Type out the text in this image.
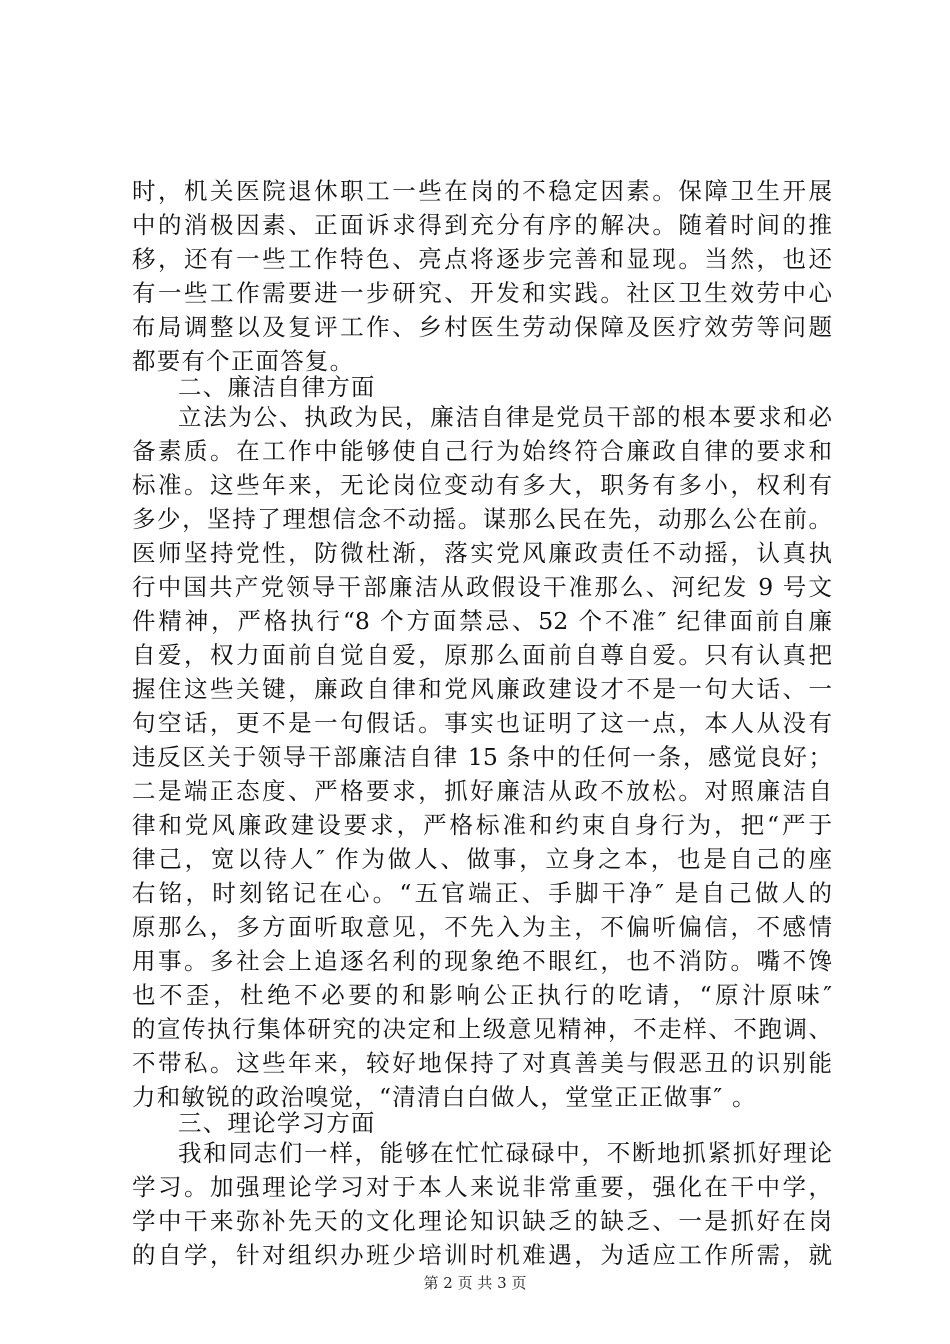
时，机关医院退休职工一些在岗的不稳定因素。保障卫生开展
中的消极因素、正面诉求得到充分有序的解决。随着时间的推
移，还有一些工作特色、亮点将逐步完善和显现。当然，也还
有一些工作需要进一步研究、开发和实践。社区卫生效劳中心
布局调整以及复评工作、乡村医生劳动保障及医疗效劳等问题
都要有个正面答复。
二、廉洁自律方面
立法为公、执政为民，廉洁自律是党员干部的根本要求和必
备素质。在工作中能够使自己行为始终符合廉政自律的要求和
标准。这些年来，无论岗位变动有多大，职务有多小，权利有
多少，坚持了理想信念不动摇。谋那么民在先，动那么公在前。
医师坚持党性，防微杜渐，落实党风廉政责任不动摇，认真执
行中国共产党领导干部廉洁从政假设干准那么、河纪发 9 号文
件精神，严格执行“8 个方面禁忌、52 个不准″ 纪律面前自廉
自爱，权力面前自觉自爱，原那么面前自尊自爱。只有认真把
握住这些关键，廉政自律和党风廉政建设才不是一句大话、一
句空话，更不是一句假话。事实也证明了这一点，本人从没有
违反区关于领导干部廉洁自律 15 条中的任何一条，感觉良好；
二是端正态度、严格要求，抓好廉洁从政不放松。对照廉洁自
律和党风廉政建设要求，严格标准和约束自身行为，把“严于
律己，宽以待人″ 作为做人、做事，立身之本，也是自己的座
右铭，时刻铭记在心。“五官端正、手脚干净″ 是自己做人的
原那么，多方面听取意见，不先入为主，不偏听偏信，不感情
用事。多社会上追逐名利的现象绝不眼红，也不消防。嘴不馋
也不歪，杜绝不必要的和影响公正执行的吃请，“原汁原味″
的宣传执行集体研究的决定和上级意见精神，不走样、不跑调、
不带私。这些年来，较好地保持了对真善美与假恶丑的识别能
力和敏锐的政治嗅觉，“清清白白做人，堂堂正正做事″ 。
三、理论学习方面
我和同志们一样，能够在忙忙碌碌中，不断地抓紧抓好理论
学习。加强理论学习对于本人来说非常重要，强化在干中学，
学中干来弥补先天的文化理论知识缺乏的缺乏、一是抓好在岗
的自学，针对组织办班少培训时机难遇，为适应工作所需，就
第 2 页 共 3 页
